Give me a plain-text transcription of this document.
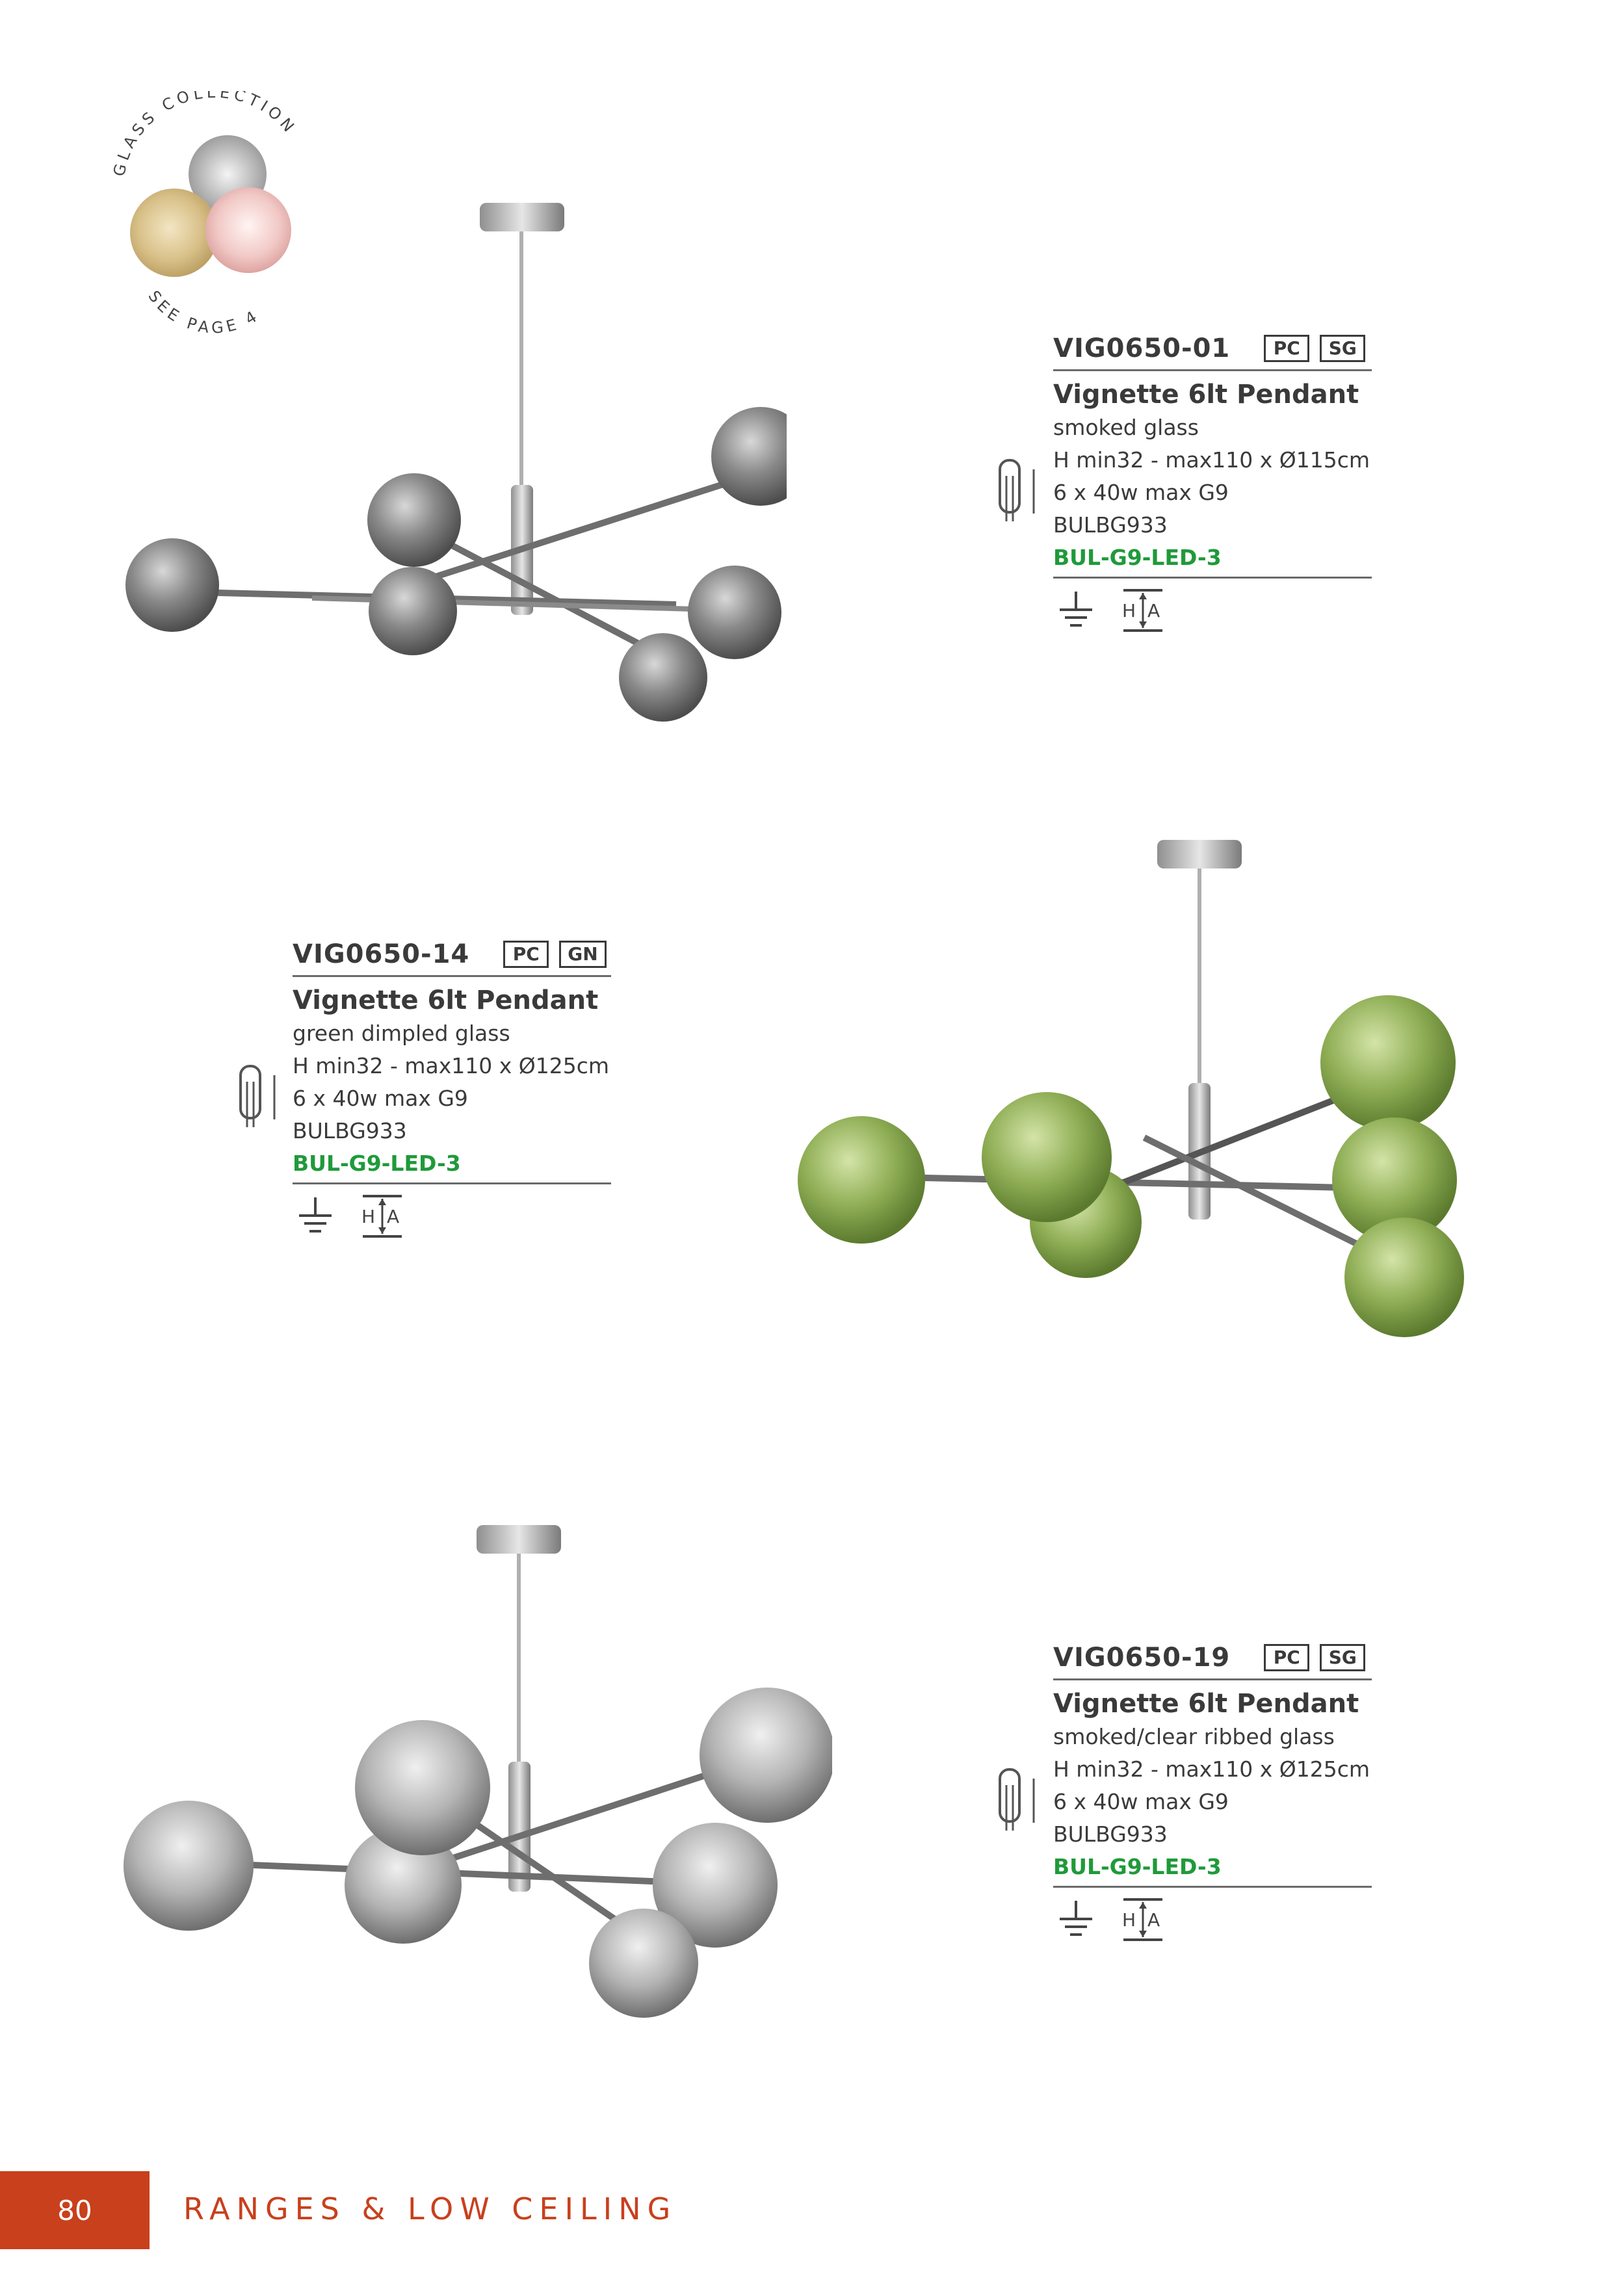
GLASS COLLECTION
SEE PAGE 4
VIG0650-01	PC	SG
Vignette 6lt Pendant
smoked glass
H min32 - max110 x Ø115cm
6 x 40w max G9
BULBG933
BUL-G9-LED-3
H A
VIG0650-14	PC	GN
Vignette 6lt Pendant
green dimpled glass
H min32 - max110 x Ø125cm
6 x 40w max G9
BULBG933
BUL-G9-LED-3
H A
VIG0650-19	PC	SG
Vignette 6lt Pendant
smoked/clear ribbed glass
H min32 - max110 x Ø125cm
6 x 40w max G9
BULBG933
BUL-G9-LED-3
H A
80	RANGES & LOW CEILING
